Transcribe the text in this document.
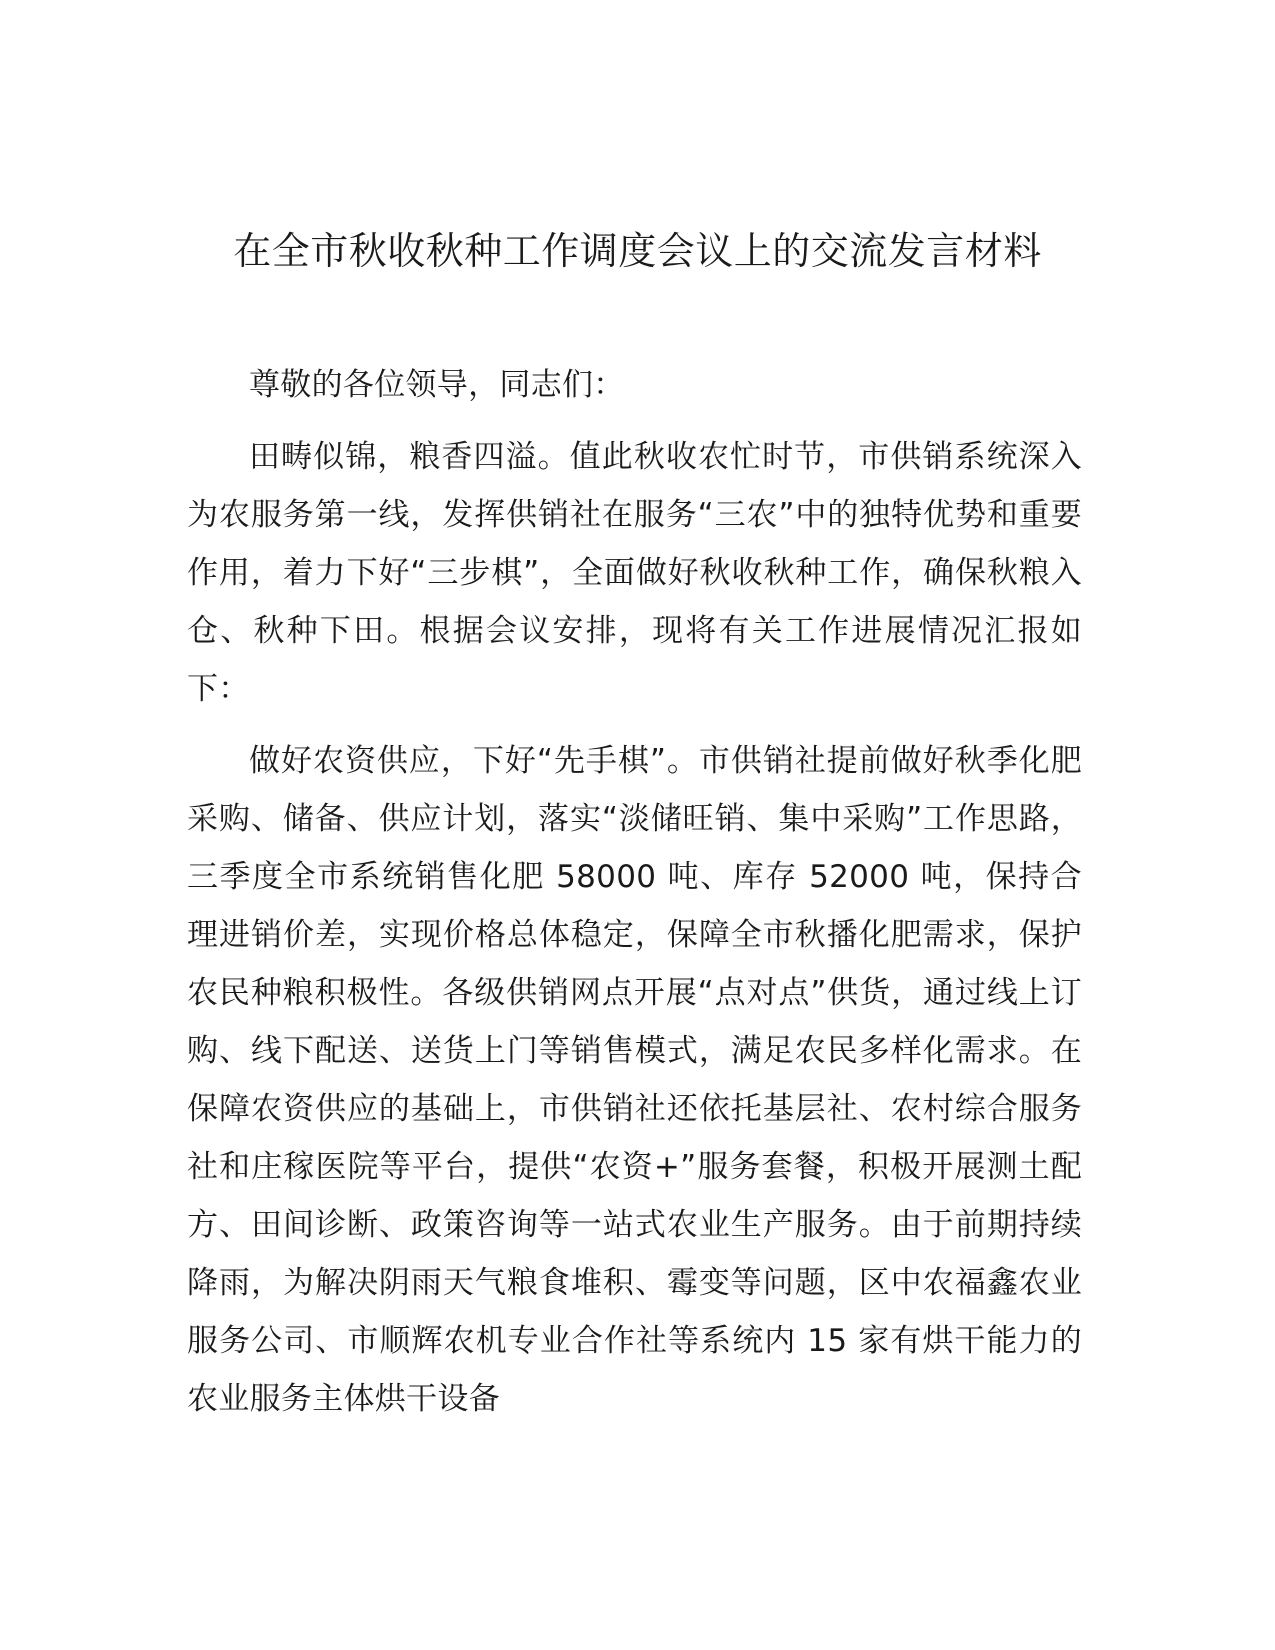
在全市秋收秋种工作调度会议上的交流发言材料

尊敬的各位领导，同志们：

田畴似锦，粮香四溢。值此秋收农忙时节，市供销系统深入为农服务第一线，发挥供销社在服务“三农”中的独特优势和重要作用，着力下好“三步棋”，全面做好秋收秋种工作，确保秋粮入仓、秋种下田。根据会议安排，现将有关工作进展情况汇报如下：

做好农资供应，下好“先手棋”。市供销社提前做好秋季化肥采购、储备、供应计划，落实“淡储旺销、集中采购”工作思路，三季度全市系统销售化肥 58000 吨、库存 52000 吨，保持合理进销价差，实现价格总体稳定，保障全市秋播化肥需求，保护农民种粮积极性。各级供销网点开展“点对点”供货，通过线上订购、线下配送、送货上门等销售模式，满足农民多样化需求。在保障农资供应的基础上，市供销社还依托基层社、农村综合服务社和庄稼医院等平台，提供“农资+”服务套餐，积极开展测土配方、田间诊断、政策咨询等一站式农业生产服务。由于前期持续降雨，为解决阴雨天气粮食堆积、霉变等问题，区中农福鑫农业服务公司、市顺辉农机专业合作社等系统内 15 家有烘干能力的农业服务主体烘干设备
